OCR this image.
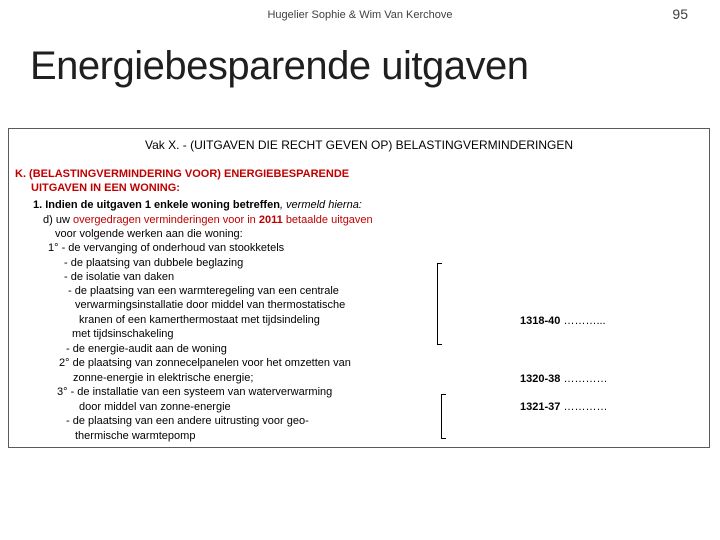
Hugelier Sophie & Wim Van Kerchove	95
Energiebesparende uitgaven
Vak X. - (UITGAVEN DIE RECHT GEVEN OP) BELASTINGVERMINDERINGEN
K. (BELASTINGVERMINDERING VOOR) ENERGIEBESPARENDE
UITGAVEN IN EEN WONING:
1. Indien de uitgaven 1 enkele woning betreffen, vermeld hierna:
d) uw overgedragen verminderingen voor in 2011 betaalde uitgaven
voor volgende werken aan die woning:
1° - de vervanging of onderhoud van stookketels
- de plaatsing van dubbele beglazing
- de isolatie van daken
- de plaatsing van een warmteregeling van een centrale
verwarmingsinstallatie door middel van thermostatische
kranen of een kamerthermostaat met tijdsindeling
met tijdsinschakeling
- de energie-audit aan de woning
2° de plaatsing van zonnecelpanelen voor het omzetten van
zonne-energie in elektrische energie;
3° - de installatie van een systeem van waterverwarming
door middel van zonne-energie
- de plaatsing van een andere uitrusting voor geo-
thermische warmtepomp
1318-40 ………...
1320-38 …………
1321-37 …………
